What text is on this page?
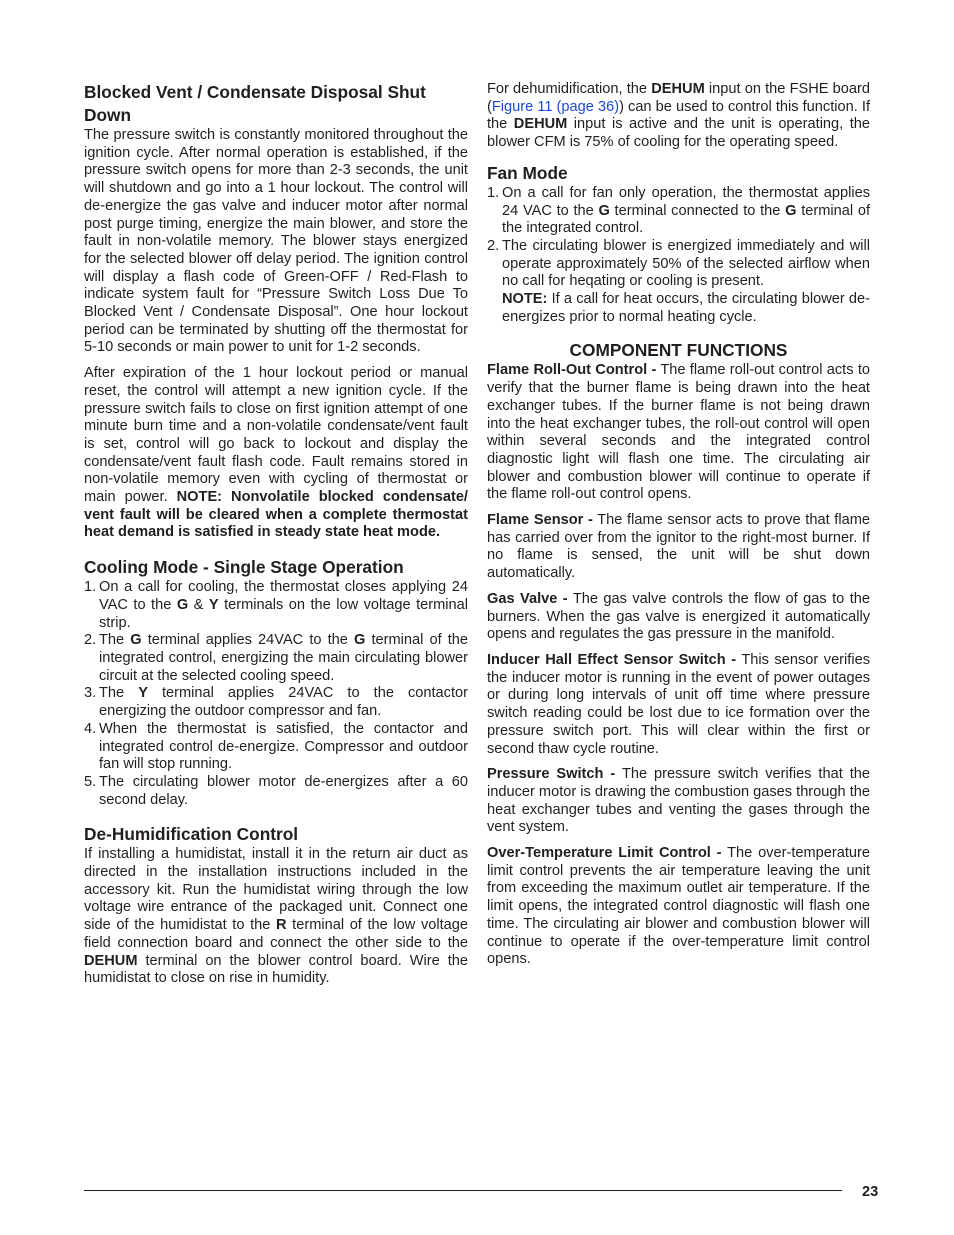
Blocked Vent / Condensate Disposal Shut Down

The pressure switch is constantly monitored throughout the ignition cycle. After normal operation is established, if the pressure switch opens for more than 2-3 seconds, the unit will shutdown and go into a 1 hour lockout. The control will de-energize the gas valve and inducer motor after normal post purge timing, energize the main blower, and store the fault in non-volatile memory. The blower stays energized for the selected blower off delay period. The ignition control will display a flash code of Green-OFF / Red-Flash to indicate system fault for “Pressure Switch Loss Due To Blocked Vent / Condensate Disposal”. One hour lockout period can be terminated by shutting off the thermostat for 5-10 seconds or main power to unit for 1-2 seconds.

After expiration of the 1 hour lockout period or manual reset, the control will attempt a new ignition cycle. If the pressure switch fails to close on first ignition attempt of one minute burn time and a non-volatile condensate/vent fault is set, control will go back to lockout and display the condensate/vent fault flash code. Fault remains stored in non-volatile memory even with cycling of thermostat or main power. NOTE: Nonvolatile blocked condensate/ vent fault will be cleared when a complete thermostat heat demand is satisfied in steady state heat mode.

Cooling Mode - Single Stage Operation
1. On a call for cooling, the thermostat closes applying 24 VAC to the G & Y terminals on the low voltage terminal strip.
2. The G terminal applies 24VAC to the G terminal of the integrated control, energizing the main circulating blower circuit at the selected cooling speed.
3. The Y terminal applies 24VAC to the contactor energizing the outdoor compressor and fan.
4. When the thermostat is satisfied, the contactor and integrated control de-energize. Compressor and outdoor fan will stop running.
5. The circulating blower motor de-energizes after a 60 second delay.
De-Humidification Control

If installing a humidistat, install it in the return air duct as directed in the installation instructions included in the accessory kit. Run the humidistat wiring through the low voltage wire entrance of the packaged unit. Connect one side of the humidistat to the R terminal of the low voltage field connection board and connect the other side to the DEHUM terminal on the blower control board. Wire the humidistat to close on rise in humidity.

For dehumidification, the DEHUM input on the FSHE board (Figure 11 (page 36)) can be used to control this function. If the DEHUM input is active and the unit is operating, the blower CFM is 75% of cooling for the operating speed.

Fan Mode
1. On a call for fan only operation, the thermostat applies 24 VAC to the G terminal connected to the G terminal of the integrated control.
2. The circulating blower is energized immediately and will operate approximately 50% of the selected airflow when no call for heqating or cooling is present.
NOTE: If a call for heat occurs, the circulating blower de-energizes prior to normal heating cycle.
COMPONENT FUNCTIONS

Flame Roll-Out Control - The flame roll-out control acts to verify that the burner flame is being drawn into the heat exchanger tubes. If the burner flame is not being drawn into the heat exchanger tubes, the roll-out control will open within several seconds and the integrated control diagnostic light will flash one time. The circulating air blower and combustion blower will continue to operate if the flame roll-out control opens.

Flame Sensor - The flame sensor acts to prove that flame has carried over from the ignitor to the right-most burner. If no flame is sensed, the unit will be shut down automatically.

Gas Valve - The gas valve controls the flow of gas to the burners. When the gas valve is energized it automatically opens and regulates the gas pressure in the manifold.

Inducer Hall Effect Sensor Switch - This sensor verifies the inducer motor is running in the event of power outages or during long intervals of unit off time where pressure switch reading could be lost due to ice formation over the pressure switch port. This will clear within the first or second thaw cycle routine.

Pressure Switch - The pressure switch verifies that the inducer motor is drawing the combustion gases through the heat exchanger tubes and venting the gases through the vent system.

Over-Temperature Limit Control - The over-temperature limit control prevents the air temperature leaving the unit from exceeding the maximum outlet air temperature. If the limit opens, the integrated control diagnostic will flash one time. The circulating air blower and combustion blower will continue to operate if the over-temperature limit control opens.

23
